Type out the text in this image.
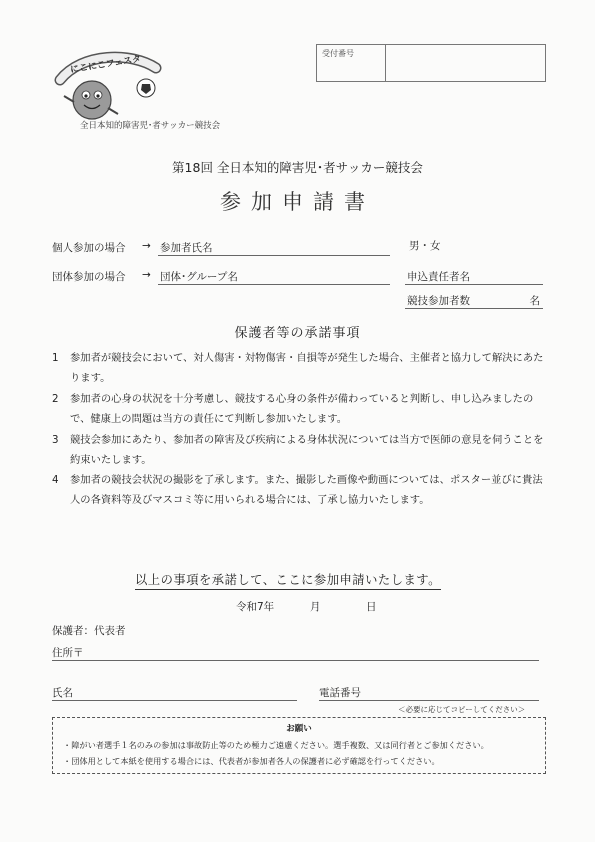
にこにこフェスタ
全日本知的障害児･者サッカー競技会
受付番号
第18回 全日本知的障害児･者サッカー競技会
参加申請書
個人参加の場合 → 参加者氏名	男・女
団体参加の場合 → 団体･グループ名	申込責任者名
競技参加者数	名
保護者等の承諾事項
1	参加者が競技会において、対人傷害・対物傷害・自損等が発生した場合、主催者と協力して解決にあたります。
2	参加者の心身の状況を十分考慮し、競技する心身の条件が備わっていると判断し、申し込みましたので、健康上の問題は当方の責任にて判断し参加いたします。
3	競技会参加にあたり、参加者の障害及び疾病による身体状況については当方で医師の意見を伺うことを約束いたします。
4	参加者の競技会状況の撮影を了承します。また、撮影した画像や動画については、ポスター並びに貴法人の各資料等及びマスコミ等に用いられる場合には、了承し協力いたします。
以上の事項を承諾して、ここに参加申請いたします。
令和7年	月	日
保護者：代表者
住所〒
氏名	電話番号
＜必要に応じてコピーしてください＞
お願い
・障がい者選手１名のみの参加は事故防止等のため極力ご遠慮ください。選手複数、又は同行者とご参加ください。
・団体用として本紙を使用する場合には、代表者が参加者各人の保護者に必ず確認を行ってください。
